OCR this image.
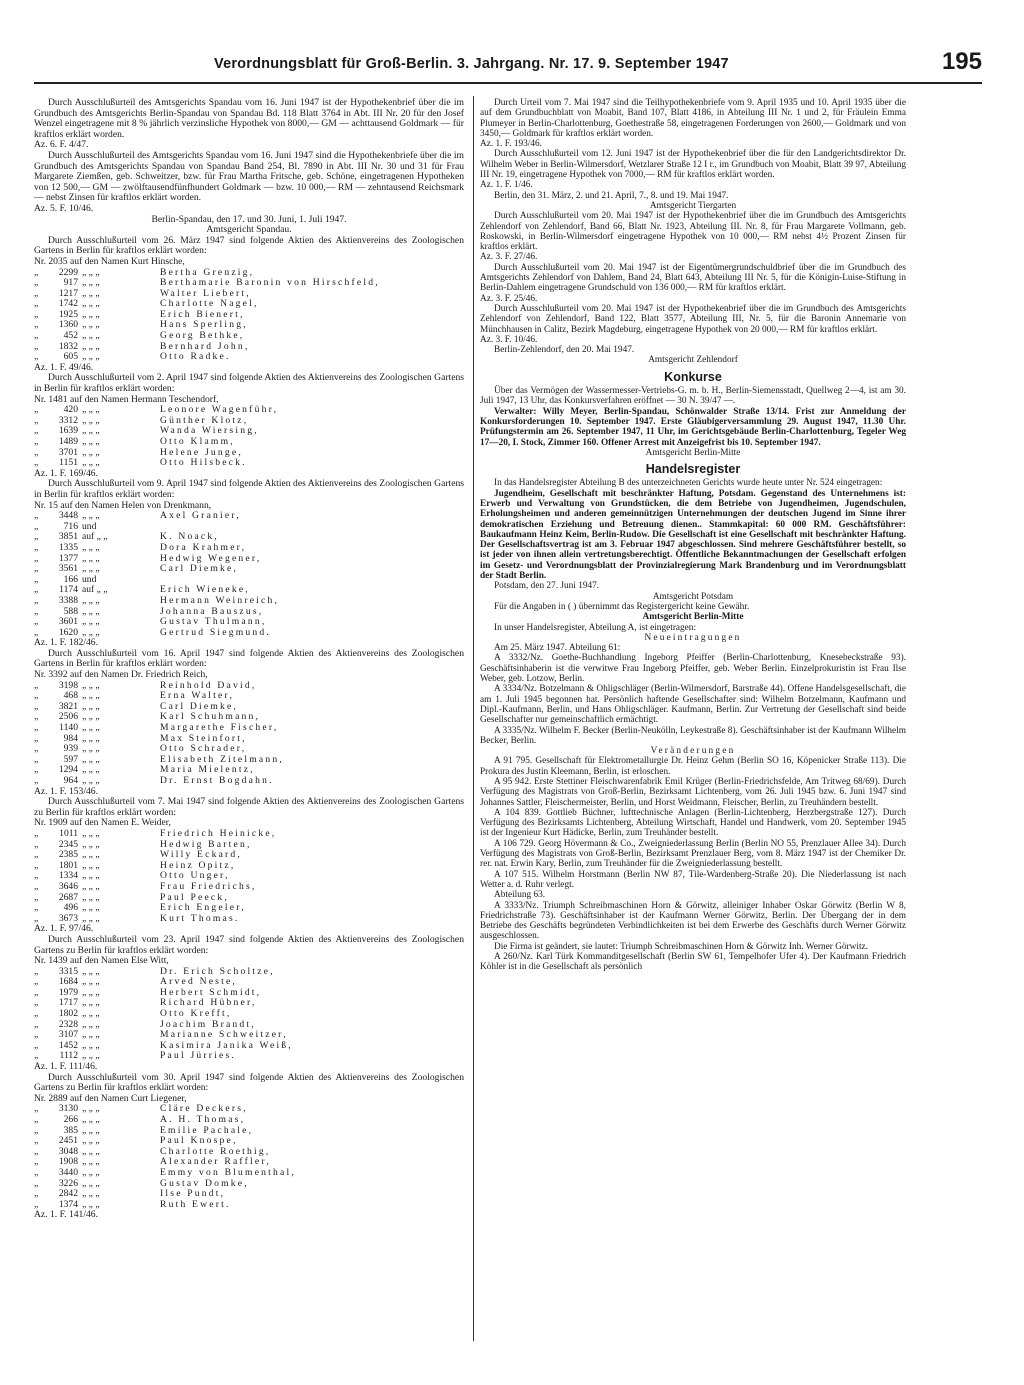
Verordnungsblatt für Groß-Berlin. 3. Jahrgang. Nr. 17. 9. September 1947	195

Durch Ausschlußurteil des Amtsgerichts Spandau vom 16. Juni 1947 ist der Hypothekenbrief über die im Grundbuch des Amtsgerichts Berlin-Spandau von Spandau Bd. 118 Blatt 3764 in Abt. III Nr. 20 für den Josef Wenzel eingetragene mit 8 % jährlich verzinsliche Hypothek von 8000,— GM — achttausend Goldmark — für kraftlos erklärt worden.

Az. 6. F. 4/47.

Durch Ausschlußurteil des Amtsgerichts Spandau vom 16. Juni 1947 sind die Hypothekenbriefe über die im Grundbuch des Amtsgerichts Spandau von Spandau Band 254, Bl. 7890 in Abt. III Nr. 30 und 31 für Frau Margarete Ziemßen, geb. Schweitzer, bzw. für Frau Martha Fritsche, geb. Schöne, eingetragenen Hypotheken von 12 500,— GM — zwölftausendfünfhundert Goldmark — bzw. 10 000,— RM — zehntausend Reichsmark — nebst Zinsen für kraftlos erklärt worden.

Az. 5. F. 10/46.

Berlin-Spandau, den 17. und 30. Juni, 1. Juli 1947.

Amtsgericht Spandau.

Durch Ausschlußurteil vom 26. März 1947 sind folgende Aktien des Aktienvereins des Zoologischen Gartens in Berlin für kraftlos erklärt worden:

Nr. 2035 auf den Namen Kurt Hinsche,

„	2299	„ „ „	Bertha Grenzig,
„	917	„ „ „	Berthamarie Baronin von Hirschfeld,
„	1217	„ „ „	Walter Liebert,
„	1742	„ „ „	Charlotte Nagel,
„	1925	„ „ „	Erich Bienert,
„	1360	„ „ „	Hans Sperling,
„	452	„ „ „	Georg Bethke,
„	1832	„ „ „	Bernhard John,
„	605	„ „ „	Otto Radke.

Az. 1. F. 49/46.

Durch Ausschlußurteil vom 2. April 1947 sind folgende Aktien des Aktienvereins des Zoologischen Gartens in Berlin für kraftlos erklärt worden:

Nr. 1481 auf den Namen Hermann Teschendorf,

„	420	„ „ „	Leonore Wagenführ,
„	3312	„ „ „	Günther Klotz,
„	1639	„ „ „	Wanda Wiersing,
„	1489	„ „ „	Otto Klamm,
„	3701	„ „ „	Helene Junge,
„	1151	„ „ „	Otto Hilsbeck.

Az. 1. F. 169/46.

Durch Ausschlußurteil vom 9. April 1947 sind folgende Aktien des Aktienvereins des Zoologischen Gartens in Berlin für kraftlos erklärt worden:

Nr. 15 auf den Namen Helen von Drenkmann,

„	3448	„ „ „	Axel Granier,
„	716	und	
„	3851	auf „ „	K. Noack,
„	1335	„ „ „	Dora Krahmer,
„	1377	„ „ „	Hedwig Wegener,
„	3561	„ „ „	Carl Diemke,
„	166	und	
„	1174	auf „ „	Erich Wieneke,
„	3388	„ „ „	Hermann Weinreich,
„	588	„ „ „	Johanna Bauszus,
„	3601	„ „ „	Gustav Thulmann,
„	1620	„ „ „	Gertrud Siegmund.

Az. 1. F. 182/46.

Durch Ausschlußurteil vom 16. April 1947 sind folgende Aktien des Aktienvereins des Zoologischen Gartens in Berlin für kraftlos erklärt worden:

Nr. 3392 auf den Namen Dr. Friedrich Reich,

„	3198	„ „ „	Reinhold David,
„	468	„ „ „	Erna Walter,
„	3821	„ „ „	Carl Diemke,
„	2506	„ „ „	Karl Schuhmann,
„	1140	„ „ „	Margarethe Fischer,
„	984	„ „ „	Max Steinfort,
„	939	„ „ „	Otto Schrader,
„	597	„ „ „	Elisabeth Zitelmann,
„	1294	„ „ „	Maria Mielentz,
„	964	„ „ „	Dr. Ernst Bogdahn.

Az. 1. F. 153/46.

Durch Ausschlußurteil vom 7. Mai 1947 sind folgende Aktien des Aktienvereins des Zoologischen Gartens zu Berlin für kraftlos erklärt worden:

Nr. 1909 auf den Namen E. Weider,

„	1011	„ „ „	Friedrich Heinicke,
„	2345	„ „ „	Hedwig Barten,
„	2385	„ „ „	Willy Eckard,
„	1801	„ „ „	Heinz Opitz,
„	1334	„ „ „	Otto Unger,
„	3646	„ „ „	Frau Friedrichs,
„	2687	„ „ „	Paul Peeck,
„	496	„ „ „	Erich Engeler,
„	3673	„ „ „	Kurt Thomas.

Az. 1. F. 97/46.

Durch Ausschlußurteil vom 23. April 1947 sind folgende Aktien des Aktienvereins des Zoologischen Gartens zu Berlin für kraftlos erklärt worden:

Nr. 1439 auf den Namen Else Witt,

„	3315	„ „ „	Dr. Erich Scholtze,
„	1684	„ „ „	Arved Neste,
„	1979	„ „ „	Herbert Schmidt,
„	1717	„ „ „	Richard Hübner,
„	1802	„ „ „	Otto Krefft,
„	2328	„ „ „	Joachim Brandt,
„	3107	„ „ „	Marianne Schweitzer,
„	1452	„ „ „	Kasimira Janika Weiß,
„	1112	„ „ „	Paul Jürries.

Az. 1. F. 111/46.

Durch Ausschlußurteil vom 30. April 1947 sind folgende Aktien des Aktienvereins des Zoologischen Gartens zu Berlin für kraftlos erklärt worden:

Nr. 2889 auf den Namen Curt Liegener,

„	3130	„ „ „	Cläre Deckers,
„	266	„ „ „	A. H. Thomas,
„	385	„ „ „	Emilie Pachale,
„	2451	„ „ „	Paul Knospe,
„	3048	„ „ „	Charlotte Roethig,
„	1908	„ „ „	Alexander Raffler,
„	3440	„ „ „	Emmy von Blumenthal,
„	3226	„ „ „	Gustav Domke,
„	2842	„ „ „	Ilse Pundt,
„	1374	„ „ „	Ruth Ewert.

Az. 1. F. 141/46.

Durch Urteil vom 7. Mai 1947 sind die Teilhypothekenbriefe vom 9. April 1935 und 10. April 1935 über die auf dem Grundbuchblatt von Moabit, Band 107, Blatt 4186, in Abteilung III Nr. 1 und 2, für Fräulein Emma Plumeyer in Berlin-Charlottenburg, Goethestraße 58, eingetragenen Forderungen von 2600,— Goldmark und von 3450,— Goldmark für kraftlos erklärt worden.

Az. 1. F. 193/46.

Durch Ausschlußurteil vom 12. Juni 1947 ist der Hypothekenbrief über die für den Landgerichtsdirektor Dr. Wilhelm Weber in Berlin-Wilmersdorf, Wetzlarer Straße 12 I r., im Grundbuch von Moabit, Blatt 39 97, Abteilung III Nr. 19, eingetragene Hypothek von 7000,— RM für kraftlos erklärt worden.

Az. 1. F. 1/46.

Berlin, den 31. März, 2. und 21. April, 7., 8. und 19. Mai 1947.

Amtsgericht Tiergarten

Durch Ausschlußurteil vom 20. Mai 1947 ist der Hypothekenbrief über die im Grundbuch des Amtsgerichts Zehlendorf von Zehlendorf, Band 66, Blatt Nr. 1923, Abteilung III. Nr. 8, für Frau Margarete Vollmann, geb. Roskowski, in Berlin-Wilmersdorf eingetragene Hypothek von 10 000,— RM nebst 4½ Prozent Zinsen für kraftlos erklärt.

Az. 3. F. 27/46.

Durch Ausschlußurteil vom 20. Mai 1947 ist der Eigentümergrundschuldbrief über die im Grundbuch des Amtsgerichts Zehlendorf von Dahlem, Band 24, Blatt 643, Abteilung III Nr. 5, für die Königin-Luise-Stiftung in Berlin-Dahlem eingetragene Grundschuld von 136 000,— RM für kraftlos erklärt.

Az. 3. F. 25/46.

Durch Ausschlußurteil vom 20. Mai 1947 ist der Hypothekenbrief über die im Grundbuch des Amtsgerichts Zehlendorf von Zehlendorf, Band 122, Blatt 3577, Abteilung III, Nr. 5, für die Baronin Annemarie von Münchhausen in Calitz, Bezirk Magdeburg, eingetragene Hypothek von 20 000,— RM für kraftlos erklärt.

Az. 3. F. 10/46.

Berlin-Zehlendorf, den 20. Mai 1947.

Amtsgericht Zehlendorf

Konkurse

Über das Vermögen der Wassermesser-Vertriebs-G. m. b. H., Berlin-Siemensstadt, Quellweg 2—4, ist am 30. Juli 1947, 13 Uhr, das Konkursverfahren eröffnet — 30 N. 39/47 —.

Verwalter: Willy Meyer, Berlin-Spandau, Schönwalder Straße 13/14. Frist zur Anmeldung der Konkursforderungen 10. September 1947. Erste Gläubigerversammlung 29. August 1947, 11.30 Uhr. Prüfungstermin am 26. September 1947, 11 Uhr, im Gerichtsgebäude Berlin-Charlottenburg, Tegeler Weg 17—20, I. Stock, Zimmer 160. Offener Arrest mit Anzeigefrist bis 10. September 1947.

Amtsgericht Berlin-Mitte

Handelsregister

In das Handelsregister Abteilung B des unterzeichneten Gerichts wurde heute unter Nr. 524 eingetragen:

Jugendheim, Gesellschaft mit beschränkter Haftung, Potsdam. Gegenstand des Unternehmens ist: Erwerb und Verwaltung von Grundstücken, die dem Betriebe von Jugendheimen, Jugendschulen, Erholungsheimen und anderen gemeinnützigen Unternehmungen der deutschen Jugend im Sinne ihrer demokratischen Erziehung und Betreuung dienen.. Stammkapital: 60 000 RM. Geschäftsführer: Baukaufmann Heinz Keim, Berlin-Rudow. Die Gesellschaft ist eine Gesellschaft mit beschränkter Haftung. Der Gesellschaftsvertrag ist am 3. Februar 1947 abgeschlossen. Sind mehrere Geschäftsführer bestellt, so ist jeder von ihnen allein vertretungsberechtigt. Öffentliche Bekanntmachungen der Gesellschaft erfolgen im Gesetz- und Verordnungsblatt der Provinzialregierung Mark Brandenburg und im Verordnungsblatt der Stadt Berlin.

Potsdam, den 27. Juni 1947.

Amtsgericht Potsdam

Für die Angaben in ( ) übernimmt das Registergericht keine Gewähr.

Amtsgericht Berlin-Mitte

In unser Handelsregister, Abteilung A, ist eingetragen:

Neueintragungen

Am 25. März 1947. Abteilung 61:

A 3332/Nz. Goethe-Buchhandlung Ingeborg Pfeiffer (Berlin-Charlottenburg, Knesebeckstraße 93). Geschäftsinhaberin ist die verwitwe Frau Ingeborg Pfeiffer, geb. Weber Berlin. Einzelprokuristin ist Frau Ilse Weber, geb. Lotzow, Berlin.

A 3334/Nz. Botzelmann & Ohligschläger (Berlin-Wilmersdorf, Barstraße 44). Offene Handelsgesellschaft, die am 1. Juli 1945 begonnen hat. Persönlich haftende Gesellschafter sind: Wilhelm Botzelmann, Kaufmann und Dipl.-Kaufmann, Berlin, und Hans Ohligschläger. Kaufmann, Berlin. Zur Vertretung der Gesellschaft sind beide Gesellschafter nur gemeinschaftlich ermächtigt.

A 3335/Nz. Wilhelm F. Becker (Berlin-Neukölln, Leykestraße 8). Geschäftsinhaber ist der Kaufmann Wilhelm Becker, Berlin.

Veränderungen

A 91 795. Gesellschaft für Elektrometallurgie Dr. Heinz Gehm (Berlin SO 16, Köpenicker Straße 113). Die Prokura des Justin Kleemann, Berlin, ist erloschen.

A 95 942. Erste Stettiner Fleischwarenfabrik Emil Krüger (Berlin-Friedrichsfelde, Am Tritweg 68/69). Durch Verfügung des Magistrats von Groß-Berlin, Bezirksamt Lichtenberg, vom 26. Juli 1945 bzw. 6. Juni 1947 sind Johannes Sattler, Fleischermeister, Berlin, und Horst Weidmann, Fleischer, Berlin, zu Treuhändern bestellt.

A 104 839. Gottlieb Büchner, lufttechnische Anlagen (Berlin-Lichtenberg, Herzbergstraße 127). Durch Verfügung des Bezirksamts Lichtenberg, Abteilung Wirtschaft, Handel und Handwerk, vom 20. September 1945 ist der Ingenieur Kurt Hädicke, Berlin, zum Treuhänder bestellt.

A 106 729. Georg Hövermann & Co., Zweigniederlassung Berlin (Berlin NO 55, Prenzlauer Allee 34). Durch Verfügung des Magistrats von Groß-Berlin, Bezirksamt Prenzlauer Berg, vom 8. März 1947 ist der Chemiker Dr. rer. nat. Erwin Kary, Berlin, zum Treuhänder für die Zweigniederlassung bestellt.

A 107 515. Wilhelm Horstmann (Berlin NW 87, Tile-Wardenberg-Straße 20). Die Niederlassung ist nach Wetter a. d. Ruhr verlegt.

Abteilung 63.

A 3333/Nz. Triumph Schreibmaschinen Horn & Görwitz, alleiniger Inhaber Oskar Görwitz (Berlin W 8, Friedrichstraße 73). Geschäftsinhaber ist der Kaufmann Werner Görwitz, Berlin. Der Übergang der in dem Betriebe des Geschäfts begründeten Verbindlichkeiten ist bei dem Erwerbe des Geschäfts durch Werner Görwitz ausgeschlossen.

Die Firma ist geändert, sie lautet: Triumph Schreibmaschinen Horn & Görwitz Inh. Werner Görwitz.

A 260/Nz. Karl Türk Kommanditgesellschaft (Berlin SW 61, Tempelhofer Ufer 4). Der Kaufmann Friedrich Köhler ist in die Gesellschaft als persönlich
